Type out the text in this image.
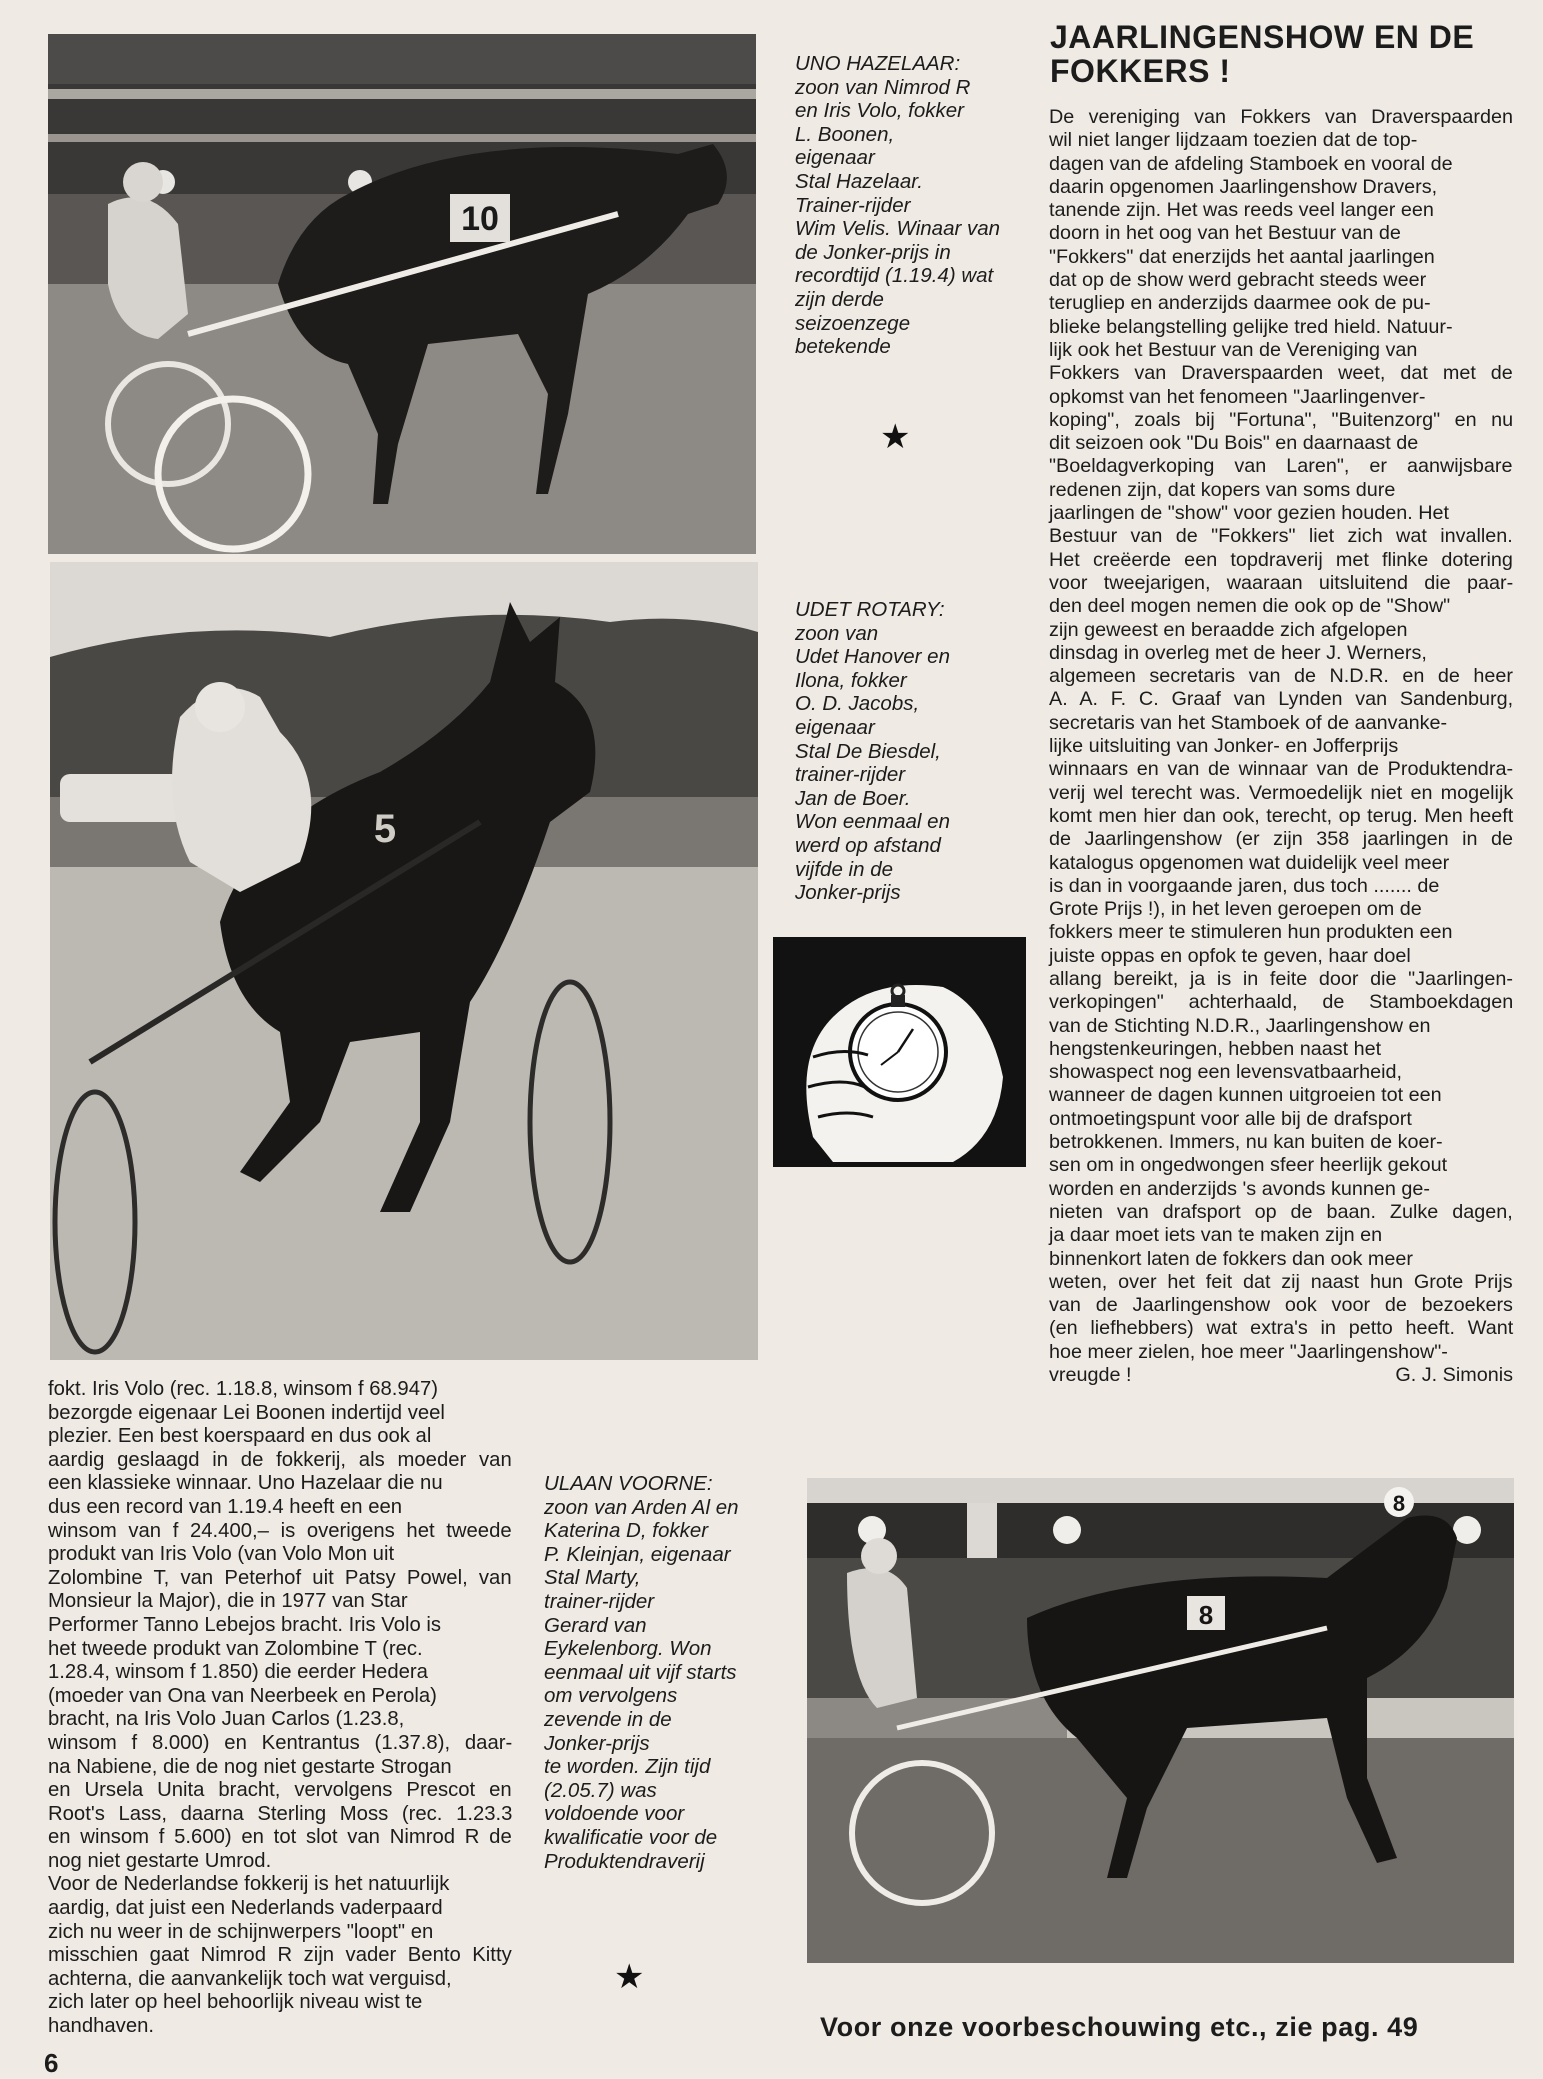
10
5
8
8
UNO HAZELAAR:
zoon van Nimrod R
en Iris Volo, fokker
L. Boonen,
eigenaar
Stal Hazelaar.
Trainer-rijder
Wim Velis. Winaar van
de Jonker-prijs in
recordtijd (1.19.4) wat
zijn derde
seizoenzege
betekende
★
UDET ROTARY:
zoon van
Udet Hanover en
Ilona, fokker
O. D. Jacobs,
eigenaar
Stal De Biesdel,
trainer-rijder
Jan de Boer.
Won eenmaal en
werd op afstand
vijfde in de
Jonker-prijs
ULAAN VOORNE:
zoon van Arden Al en
Katerina D, fokker
P. Kleinjan, eigenaar
Stal Marty,
trainer-rijder
Gerard van
Eykelenborg. Won
eenmaal uit vijf starts
om vervolgens
zevende in de
Jonker-prijs
te worden. Zijn tijd
(2.05.7) was
voldoende voor
kwalificatie voor de
Produktendraverij
★
JAARLINGENSHOW EN DE
FOKKERS !
De vereniging van Fokkers van Draverspaarden
wil niet langer lijdzaam toezien dat de top-
dagen van de afdeling Stamboek en vooral de
daarin opgenomen Jaarlingenshow Dravers,
tanende zijn. Het was reeds veel langer een
doorn in het oog van het Bestuur van de
"Fokkers" dat enerzijds het aantal jaarlingen
dat op de show werd gebracht steeds weer
terugliep en anderzijds daarmee ook de pu-
blieke belangstelling gelijke tred hield. Natuur-
lijk ook het Bestuur van de Vereniging van
Fokkers van Draverspaarden weet, dat met de
opkomst van het fenomeen "Jaarlingenver-
koping", zoals bij "Fortuna", "Buitenzorg" en nu
dit seizoen ook "Du Bois" en daarnaast de
"Boeldagverkoping van Laren", er aanwijsbare
redenen zijn, dat kopers van soms dure
jaarlingen de "show" voor gezien houden. Het
Bestuur van de "Fokkers" liet zich wat invallen.
Het creëerde een topdraverij met flinke dotering
voor tweejarigen, waaraan uitsluitend die paar-
den deel mogen nemen die ook op de "Show"
zijn geweest en beraadde zich afgelopen
dinsdag in overleg met de heer J. Werners,
algemeen secretaris van de N.D.R. en de heer
A. A. F. C. Graaf van Lynden van Sandenburg,
secretaris van het Stamboek of de aanvanke-
lijke uitsluiting van Jonker- en Jofferprijs
winnaars en van de winnaar van de Produktendra-
verij wel terecht was. Vermoedelijk niet en mogelijk
komt men hier dan ook, terecht, op terug. Men heeft
de Jaarlingenshow (er zijn 358 jaarlingen in de
katalogus opgenomen wat duidelijk veel meer
is dan in voorgaande jaren, dus toch ....... de
Grote Prijs !), in het leven geroepen om de
fokkers meer te stimuleren hun produkten een
juiste oppas en opfok te geven, haar doel
allang bereikt, ja is in feite door die "Jaarlingen-
verkopingen" achterhaald, de Stamboekdagen
van de Stichting N.D.R., Jaarlingenshow en
hengstenkeuringen, hebben naast het
showaspect nog een levensvatbaarheid,
wanneer de dagen kunnen uitgroeien tot een
ontmoetingspunt voor alle bij de drafsport
betrokkenen. Immers, nu kan buiten de koer-
sen om in ongedwongen sfeer heerlijk gekout
worden en anderzijds 's avonds kunnen ge-
nieten van drafsport op de baan. Zulke dagen,
ja daar moet iets van te maken zijn en
binnenkort laten de fokkers dan ook meer
weten, over het feit dat zij naast hun Grote Prijs
van de Jaarlingenshow ook voor de bezoekers
(en liefhebbers) wat extra's in petto heeft. Want
hoe meer zielen, hoe meer "Jaarlingenshow"-
vreugde !	G. J. Simonis
fokt. Iris Volo (rec. 1.18.8, winsom f 68.947)
bezorgde eigenaar Lei Boonen indertijd veel
plezier. Een best koerspaard en dus ook al
aardig geslaagd in de fokkerij, als moeder van
een klassieke winnaar. Uno Hazelaar die nu
dus een record van 1.19.4 heeft en een
winsom van f 24.400,– is overigens het tweede
produkt van Iris Volo (van Volo Mon uit
Zolombine T, van Peterhof uit Patsy Powel, van
Monsieur la Major), die in 1977 van Star
Performer Tanno Lebejos bracht. Iris Volo is
het tweede produkt van Zolombine T (rec.
1.28.4, winsom f 1.850) die eerder Hedera
(moeder van Ona van Neerbeek en Perola)
bracht, na Iris Volo Juan Carlos (1.23.8,
winsom f 8.000) en Kentrantus (1.37.8), daar-
na Nabiene, die de nog niet gestarte Strogan
en Ursela Unita bracht, vervolgens Prescot en
Root's Lass, daarna Sterling Moss (rec. 1.23.3
en winsom f 5.600) en tot slot van Nimrod R de
nog niet gestarte Umrod.
Voor de Nederlandse fokkerij is het natuurlijk
aardig, dat juist een Nederlands vaderpaard
zich nu weer in de schijnwerpers "loopt" en
misschien gaat Nimrod R zijn vader Bento Kitty
achterna, die aanvankelijk toch wat verguisd,
zich later op heel behoorlijk niveau wist te
handhaven.	Voor onze voorbeschouwing etc., zie pag. 49
6
